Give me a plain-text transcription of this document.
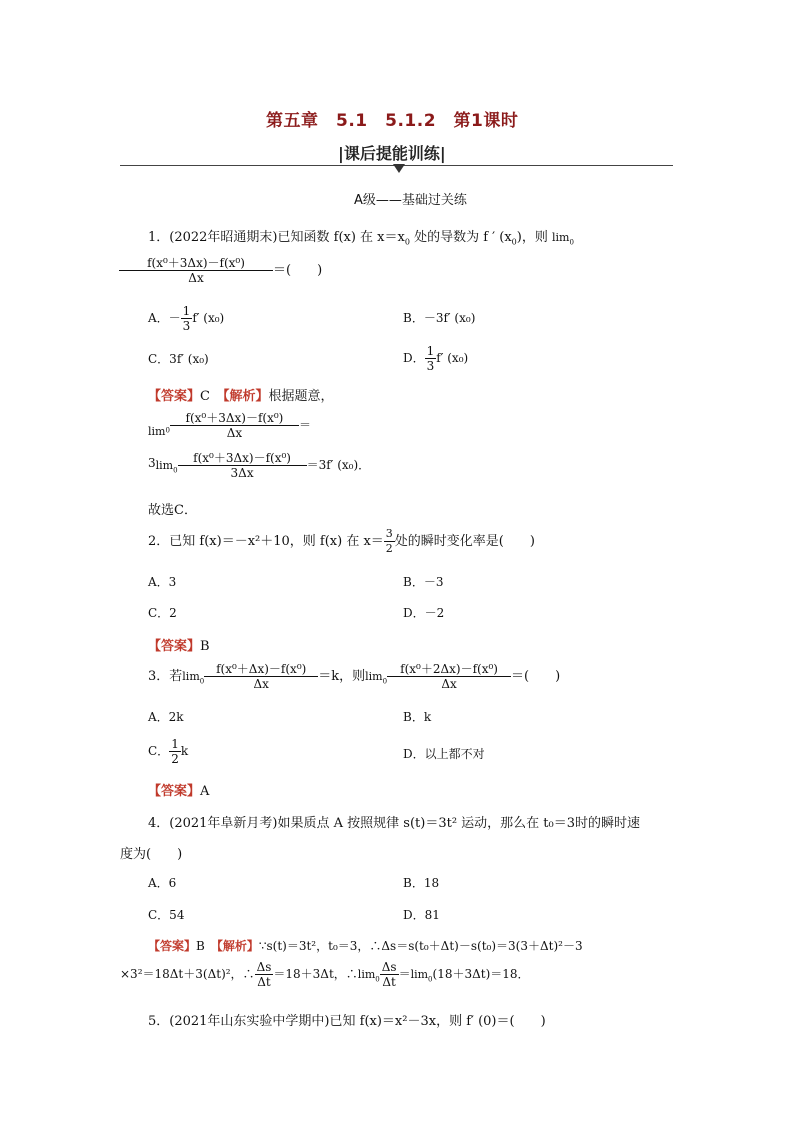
第五章　5.1　5.1.2　第1课时
|课后提能训练|
A级——基础过关练
1．(2022年昭通期末)已知函数 f(x) 在 $x=x_0$ 处的导数为 f ′ $(x_0)$，则 $\lim_0$
$\frac{\text{f(x⁰＋3Δx)－f(x⁰)}}{\Delta x}$ ＝(　　)
A．－ $\frac{1}{3} f'$ (x₀)	B．－3f′ (x₀)
C．3f′ (x₀)	D． $\frac{1}{3} f'$ (x₀)
【答案】C　 【解析】根据题意，
$\lim_0 \frac{\text{f(x⁰＋3Δx)－f(x⁰)}}{\Delta x}$ ＝
$3\lim_0 \frac{\text{f(x⁰＋3Δx)－f(x⁰)}}{3\Delta x} =3f'$ (x₀)．
故选C．
2．已知 f(x)＝－x²＋10，则 f(x) 在 $x= \frac{3}{2}$ 处的瞬时变化率是(　　)
A．3	B．－3
C．2	D．－2
【答案】B
3．若$\lim_0 \frac{\text{f(x⁰＋Δx)－f(x⁰)}}{\Delta x} =k$，则$\lim_0 \frac{\text{f(x⁰＋2Δx)－f(x⁰)}}{\Delta x}$ ＝(　　)
A．2k	B．k
C． $\frac{1}{2}$ k	D．以上都不对
【答案】A
4．(2021年阜新月考)如果质点 A 按照规律 s(t)＝3t² 运动，那么在 t₀＝3时的瞬时速
度为(　　)
A．6	B．18
C．54	D．81
【答案】B　 【解析】∵s(t)＝3t²，t₀＝3，∴Δs＝s(t₀＋Δt)－s(t₀)＝3(3＋Δt)²－3
×3²＝18Δt＋3(Δt)²，∴ $\frac{\Delta s}{\Delta t} =18+3\Delta t$，$\therefore\lim_0 \frac{\Delta s}{\Delta t} =\lim_0(18+3\Delta t)=18$．
5．(2021年山东实验中学期中)已知 f(x)＝x²－3x，则 f′ (0)＝(　　)
